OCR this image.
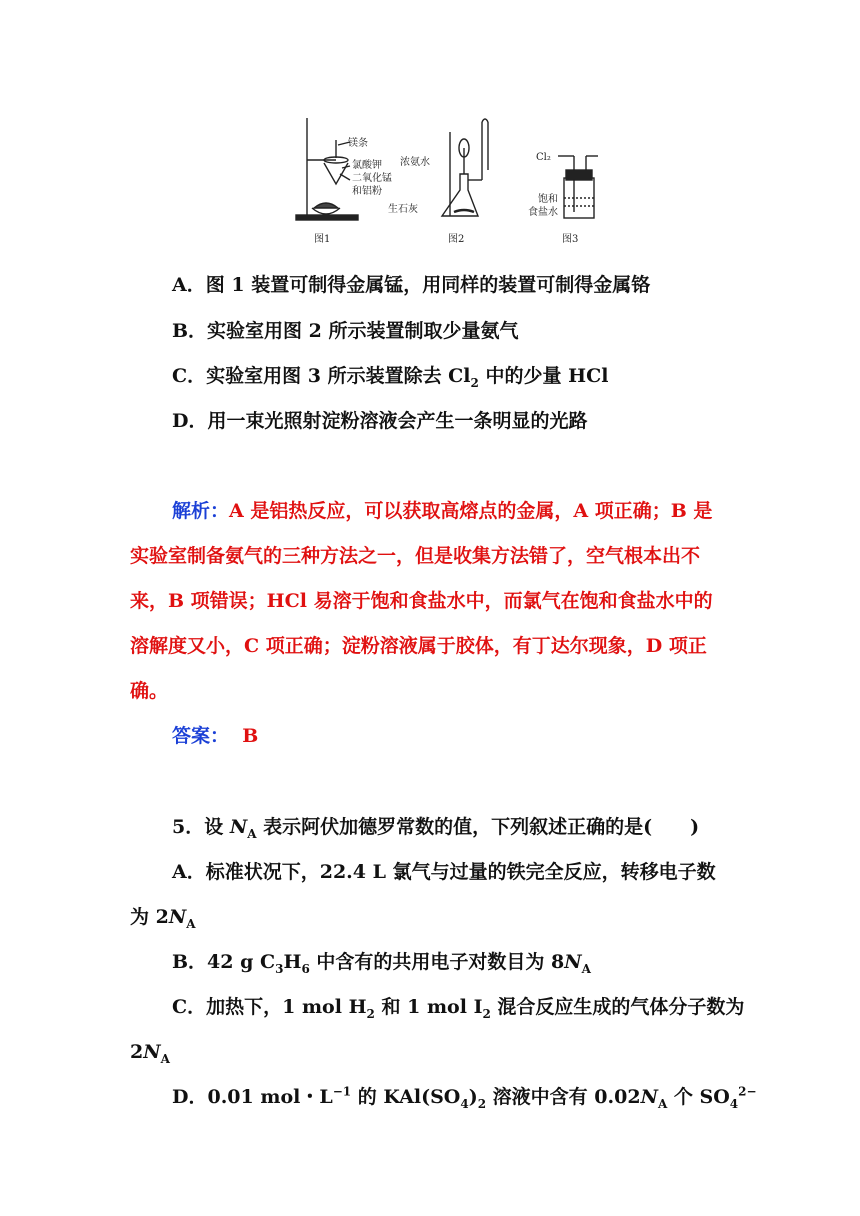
镁条
氯酸钾
二氧化锰
和铝粉
图1
浓氨水
生石灰
图2
Cl₂
饱和
食盐水
图3
A．图 1 装置可制得金属锰，用同样的装置可制得金属铬
B．实验室用图 2 所示装置制取少量氨气
C．实验室用图 3 所示装置除去 $Cl_2$ 中的少量 HCl
D．用一束光照射淀粉溶液会产生一条明显的光路
解析：A 是铝热反应，可以获取高熔点的金属，A 项正确；B 是
实验室制备氨气的三种方法之一，但是收集方法错了，空气根本出不
来，B 项错误；HCl 易溶于饱和食盐水中，而氯气在饱和食盐水中的
溶解度又小，C 项正确；淀粉溶液属于胶体，有丁达尔现象，D 项正
确。
答案： B
5．设 $N_A$ 表示阿伏加德罗常数的值，下列叙述正确的是(　　)
A．标准状况下，22.4 L 氯气与过量的铁完全反应，转移电子数
为 $2N_A$
B．42 g $C_3H_6$ 中含有的共用电子对数目为 $8N_A$
C．加热下，1 mol $H_2$ 和 1 mol $I_2$ 混合反应生成的气体分子数为
$2N_A$
D．0.01 mol・$L^{-1}$ 的 $KAl(SO_4)_2$ 溶液中含有 $0.02N_A$ 个 $SO_4^{2-}$
